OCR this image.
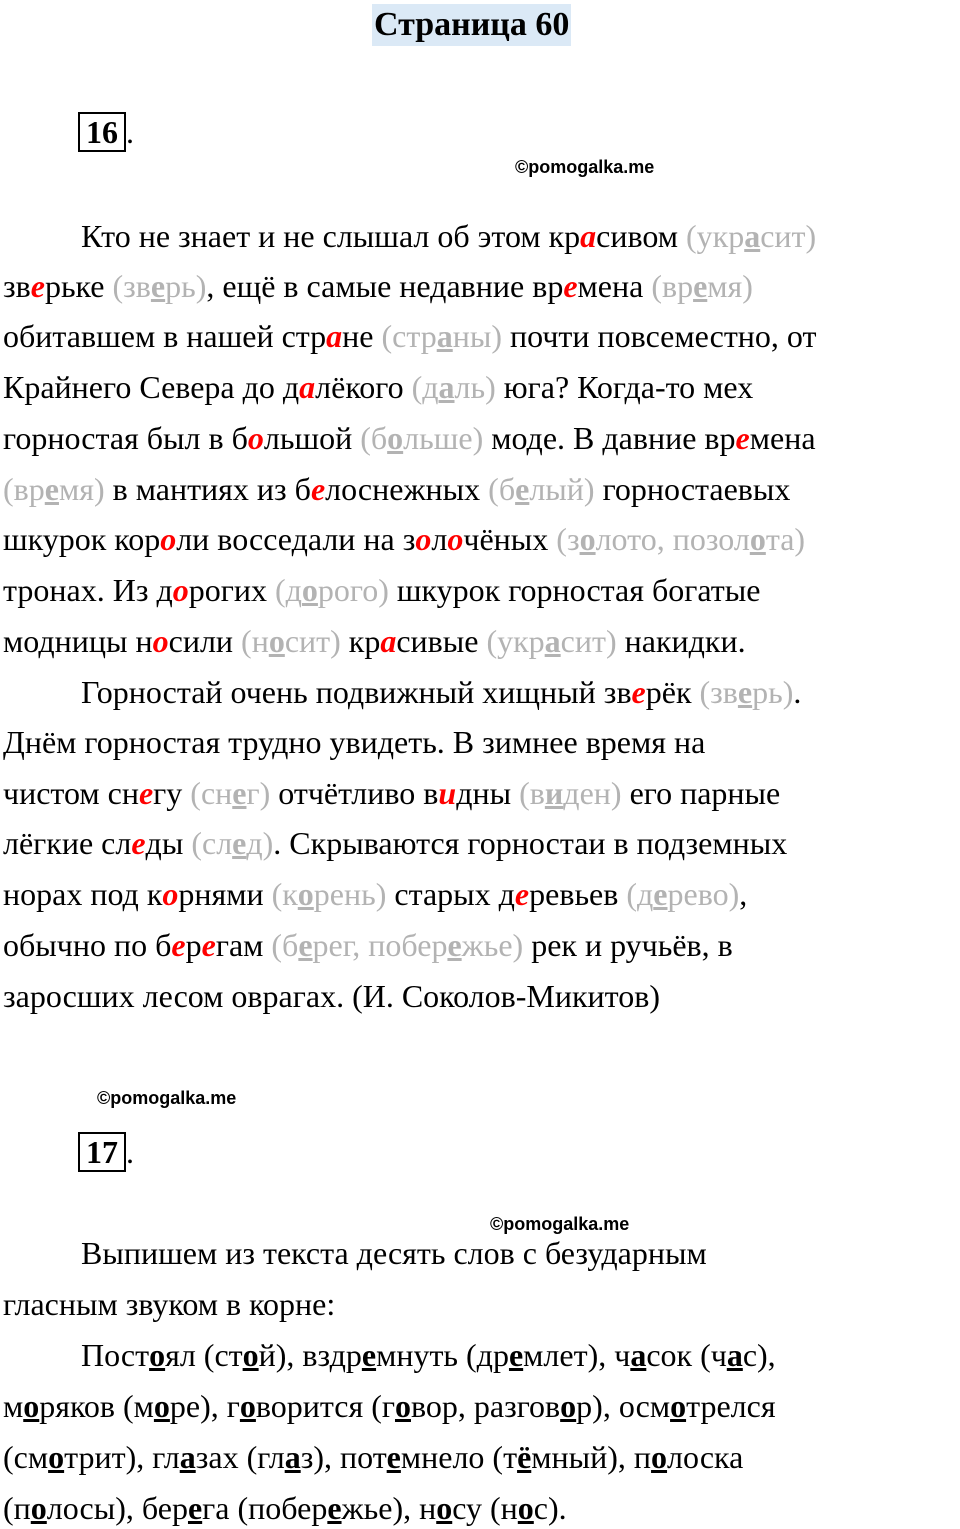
Страница 60
16 .
©pomogalka.me
Кто не знает и не слышал об этом красивом (украсит)
зверьке (зверь), ещё в самые недавние времена (время)
обитавшем в нашей стране (страны) почти повсеместно, от
Крайнего Севера до далёкого (даль) юга? Когда-то мех
горностая был в большой (больше) моде. В давние времена
(время) в мантиях из белоснежных (белый) горностаевых
шкурок короли восседали на золочёных (золото, позолота)
тронах. Из дорогих (дорого) шкурок горностая богатые
модницы носили (носит) красивые (украсит) накидки.
Горностай очень подвижный хищный зверёк (зверь).
Днём горностая трудно увидеть. В зимнее время на
чистом снегу (снег) отчётливо видны (виден) его парные
лёгкие следы (след). Скрываются горностаи в подземных
норах под корнями (корень) старых деревьев (дерево),
обычно по берегам (берег, побережье) рек и ручьёв, в
заросших лесом оврагах. (И. Соколов-Микитов)
©pomogalka.me
17 .
©pomogalka.me
Выпишем из текста десять слов с безударным
гласным звуком в корне:
Постоял (стой), вздремнуть (дремлет), часок (час),
моряков (море), говорится (говор, разговор), осмотрелся
(смотрит), глазах (глаз), потемнело (тёмный), полоска
(полосы), берега (побережье), носу (нос).
